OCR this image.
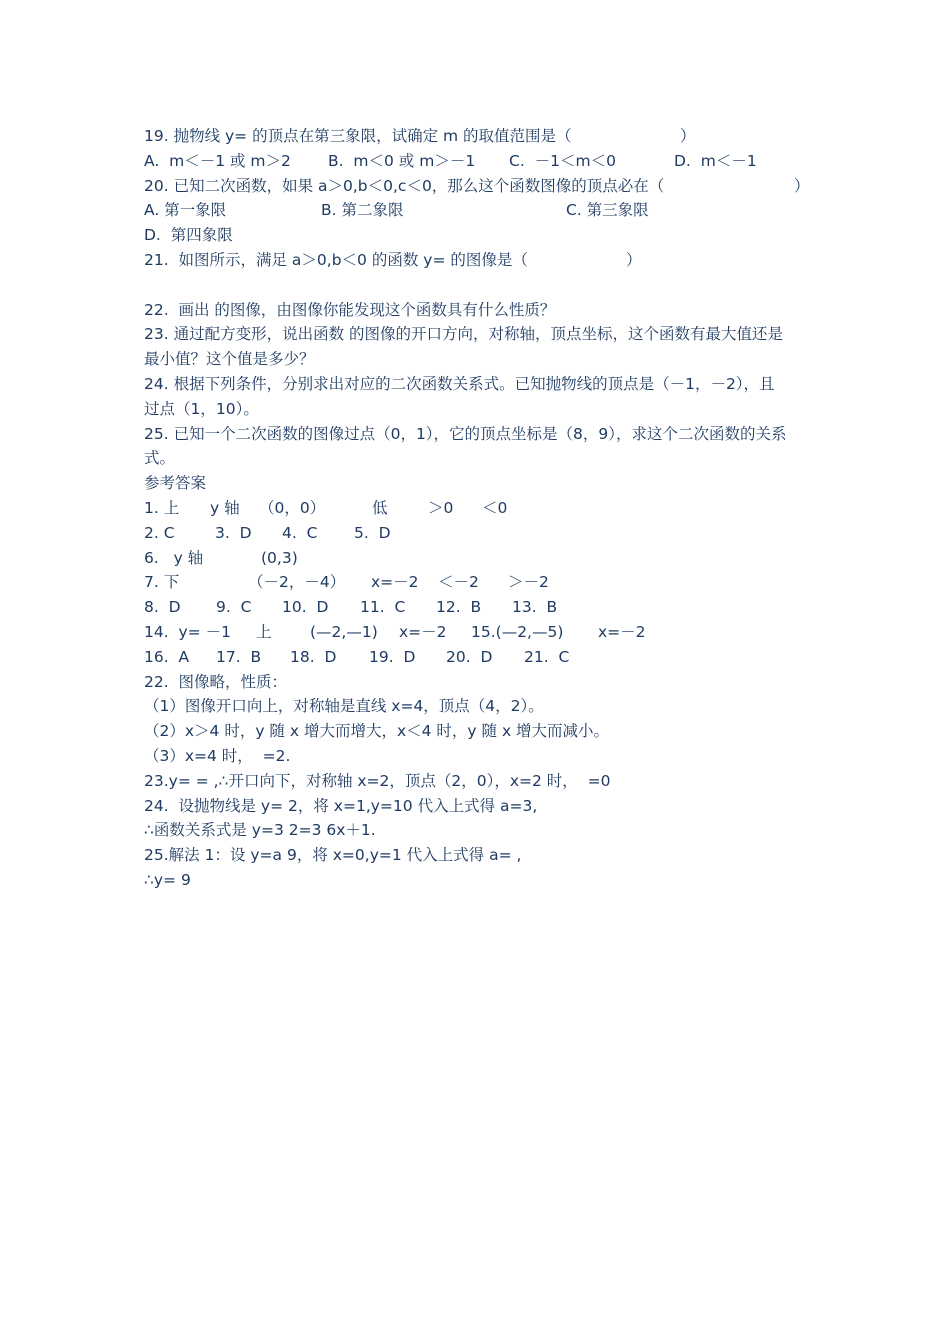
19. 抛物线 y= 的顶点在第三象限，试确定 m 的取值范围是（

	）

A.  m＜－1 或 m＞2

B.  m＜0 或 m＞－1

C.  －1＜m＜0

	D.  m＜－1

20. 已知二次函数，如果 a＞0,b＜0,c＜0，那么这个函数图像的顶点必在（

	）

A. 第一象限

	B. 第二象限

	C. 第三象限

D.  第四象限

21.  如图所示，满足 a＞0,b＜0 的函数 y= 的图像是（

	）

22.  画出 的图像，由图像你能发现这个函数具有什么性质？

23. 通过配方变形，说出函数 的图像的开口方向，对称轴，顶点坐标，这个函数有最大值还是

最小值？这个值是多少？

24. 根据下列条件，分别求出对应的二次函数关系式。已知抛物线的顶点是（－1，－2），且

过点（1，10）。

25. 已知一个二次函数的图像过点（0，1），它的顶点坐标是（8，9），求这个二次函数的关系

式。

参考答案

1. 上

y 轴

（0，0）

	低

	＞0

＜0

2. C

	3.  D

4.  C

5.  D

6.   y 轴

	(0,3)

7. 下

	（－2，－4）

x=－2

＜－2

＞－2

8.  D

9.  C

10.  D

11.  C

12.  B

13.  B

14.  y= －1

上

(—2,—1)

x=－2

15.(—2,—5)

x=－2

16.  A

17.  B

18.  D

19.  D

20.  D

21.  C

22.  图像略，性质：

（1）图像开口向上，对称轴是直线 x=4，顶点（4，2）。

（2）x＞4 时，y 随 x 增大而增大，x＜4 时，y 随 x 增大而减小。

（3）x=4 时，  =2.

23.y= = ,∴开口向下，对称轴 x=2，顶点（2，0），x=2 时，  =0

24.  设抛物线是 y= 2，将 x=1,y=10 代入上式得 a=3,

∴函数关系式是 y=3 2=3 6x＋1.

25.解法 1：设 y=a 9，将 x=0,y=1 代入上式得 a= ,

∴y= 9
